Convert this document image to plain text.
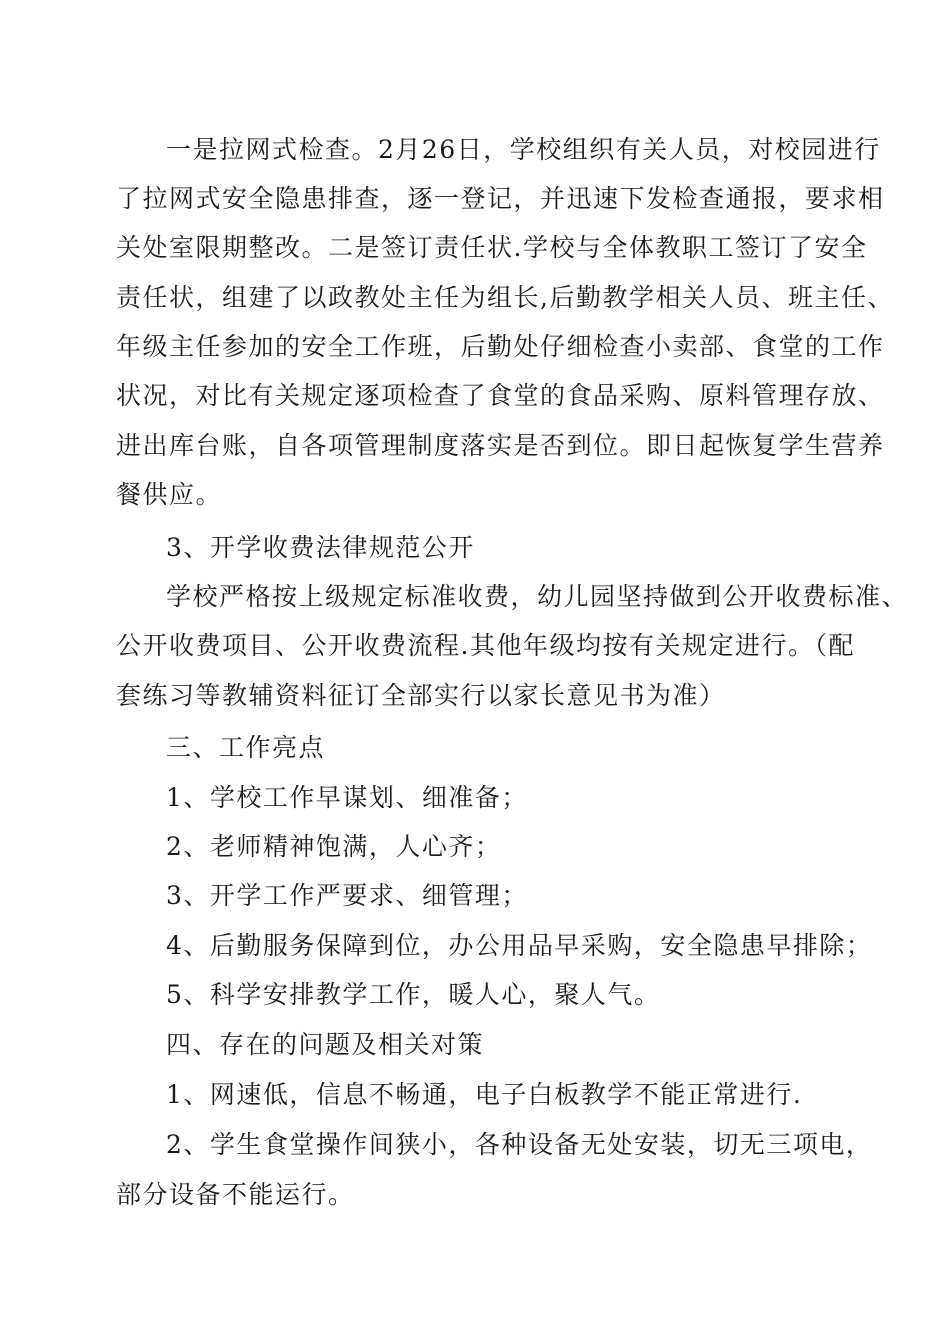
一是拉网式检查。2月26日，学校组织有关人员，对校园进行
了拉网式安全隐患排查，逐一登记，并迅速下发检查通报，要求相
关处室限期整改。二是签订责任状.学校与全体教职工签订了安全
责任状，组建了以政教处主任为组长,后勤教学相关人员、班主任、
年级主任参加的安全工作班，后勤处仔细检查小卖部、食堂的工作
状况，对比有关规定逐项检查了食堂的食品采购、原料管理存放、
进出库台账，自各项管理制度落实是否到位。即日起恢复学生营养
餐供应。
3、开学收费法律规范公开
学校严格按上级规定标准收费，幼儿园坚持做到公开收费标准、
公开收费项目、公开收费流程.其他年级均按有关规定进行。（配
套练习等教辅资料征订全部实行以家长意见书为准）
三、工作亮点
1、学校工作早谋划、细准备；
2、老师精神饱满，人心齐；
3、开学工作严要求、细管理；
4、后勤服务保障到位，办公用品早采购，安全隐患早排除；
5、科学安排教学工作，暖人心，聚人气。
四、存在的问题及相关对策
1、网速低，信息不畅通，电子白板教学不能正常进行.
2、学生食堂操作间狭小，各种设备无处安装，切无三项电，
部分设备不能运行。
